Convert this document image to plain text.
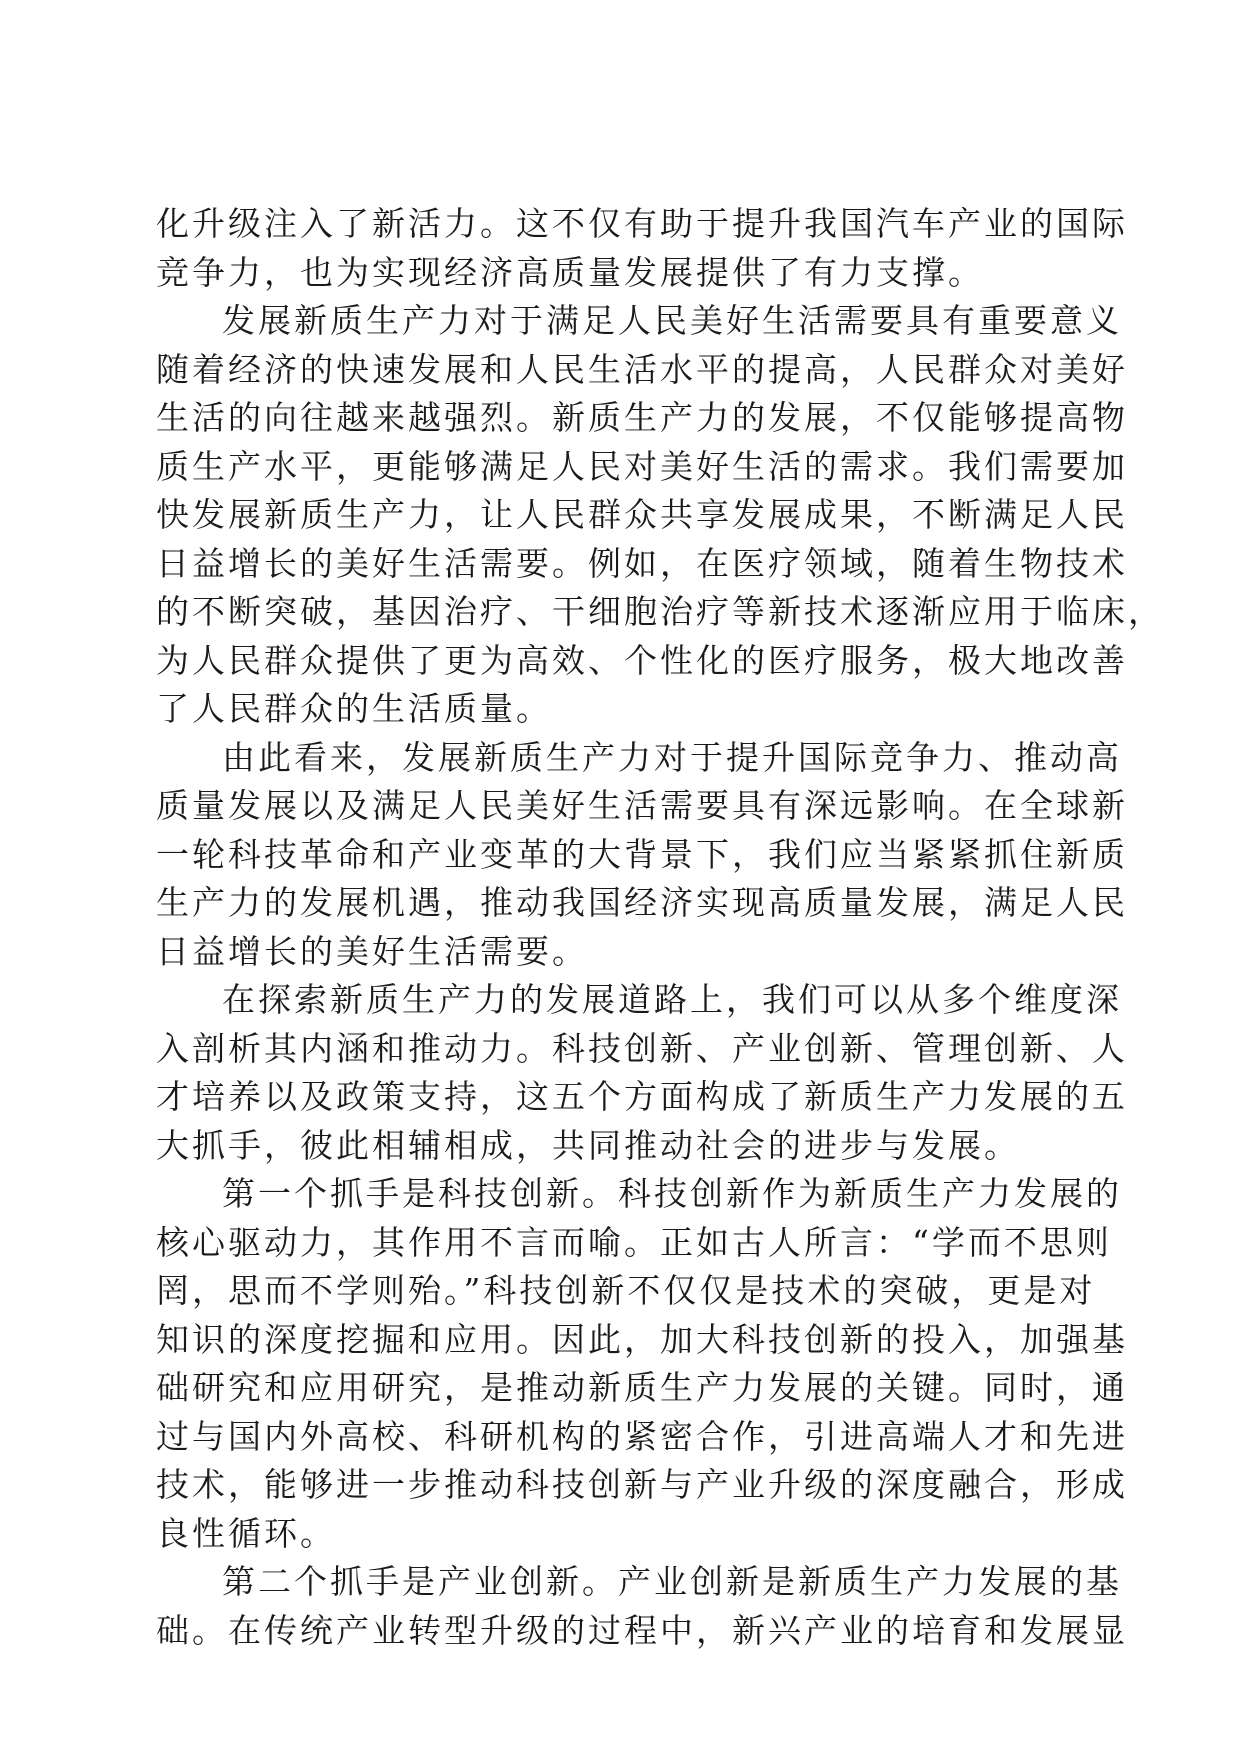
化升级注入了新活力。这不仅有助于提升我国汽车产业的国际
竞争力，也为实现经济高质量发展提供了有力支撑。
发展新质生产力对于满足人民美好生活需要具有重要意义
随着经济的快速发展和人民生活水平的提高，人民群众对美好
生活的向往越来越强烈。新质生产力的发展，不仅能够提高物
质生产水平，更能够满足人民对美好生活的需求。我们需要加
快发展新质生产力，让人民群众共享发展成果，不断满足人民
日益增长的美好生活需要。例如，在医疗领域，随着生物技术
的不断突破，基因治疗、干细胞治疗等新技术逐渐应用于临床，
为人民群众提供了更为高效、个性化的医疗服务，极大地改善
了人民群众的生活质量。
由此看来，发展新质生产力对于提升国际竞争力、推动高
质量发展以及满足人民美好生活需要具有深远影响。在全球新
一轮科技革命和产业变革的大背景下，我们应当紧紧抓住新质
生产力的发展机遇，推动我国经济实现高质量发展，满足人民
日益增长的美好生活需要。
在探索新质生产力的发展道路上，我们可以从多个维度深
入剖析其内涵和推动力。科技创新、产业创新、管理创新、人
才培养以及政策支持，这五个方面构成了新质生产力发展的五
大抓手，彼此相辅相成，共同推动社会的进步与发展。
第一个抓手是科技创新。科技创新作为新质生产力发展的
核心驱动力，其作用不言而喻。正如古人所言：“学而不思则
罔，思而不学则殆。”科技创新不仅仅是技术的突破，更是对
知识的深度挖掘和应用。因此，加大科技创新的投入，加强基
础研究和应用研究，是推动新质生产力发展的关键。同时，通
过与国内外高校、科研机构的紧密合作，引进高端人才和先进
技术，能够进一步推动科技创新与产业升级的深度融合，形成
良性循环。
第二个抓手是产业创新。产业创新是新质生产力发展的基
础。在传统产业转型升级的过程中，新兴产业的培育和发展显
